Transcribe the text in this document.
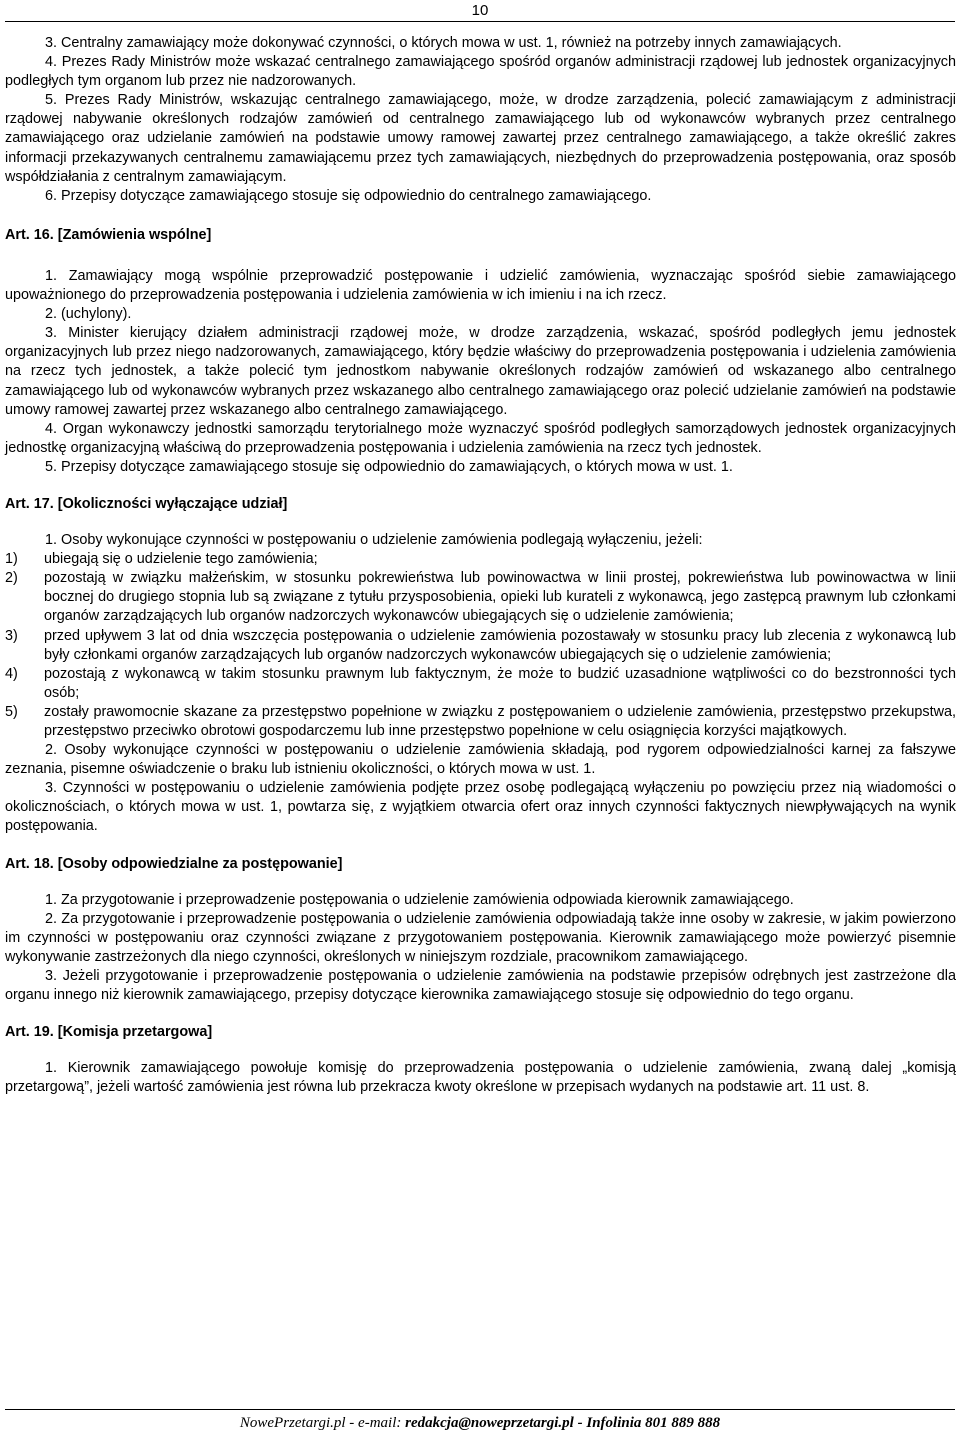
10

3. Centralny zamawiający może dokonywać czynności, o których mowa w ust. 1, również na potrzeby innych zamawiających.

4. Prezes Rady Ministrów może wskazać centralnego zamawiającego spośród organów administracji rządowej lub jednostek organizacyjnych podległych tym organom lub przez nie nadzorowanych.

5. Prezes Rady Ministrów, wskazując centralnego zamawiającego, może, w drodze zarządzenia, polecić zamawiającym z administracji rządowej nabywanie określonych rodzajów zamówień od centralnego zamawiającego lub od wykonawców wybranych przez centralnego zamawiającego oraz udzielanie zamówień na podstawie umowy ramowej zawartej przez centralnego zamawiającego, a także określić zakres informacji przekazywanych centralnemu zamawiającemu przez tych zamawiających, niezbędnych do przeprowadzenia postępowania, oraz sposób współdziałania z centralnym zamawiającym.

6. Przepisy dotyczące zamawiającego stosuje się odpowiednio do centralnego zamawiającego.

Art. 16. [Zamówienia wspólne]

1. Zamawiający mogą wspólnie przeprowadzić postępowanie i udzielić zamówienia, wyznaczając spośród siebie zamawiającego upoważnionego do przeprowadzenia postępowania i udzielenia zamówienia w ich imieniu i na ich rzecz.

2. (uchylony).

3. Minister kierujący działem administracji rządowej może, w drodze zarządzenia, wskazać, spośród podległych jemu jednostek organizacyjnych lub przez niego nadzorowanych, zamawiającego, który będzie właściwy do przeprowadzenia postępowania i udzielenia zamówienia na rzecz tych jednostek, a także polecić tym jednostkom nabywanie określonych rodzajów zamówień od wskazanego albo centralnego zamawiającego lub od wykonawców wybranych przez wskazanego albo centralnego zamawiającego oraz polecić udzielanie zamówień na podstawie umowy ramowej zawartej przez wskazanego albo centralnego zamawiającego.

4. Organ wykonawczy jednostki samorządu terytorialnego może wyznaczyć spośród podległych samorządowych jednostek organizacyjnych jednostkę organizacyjną właściwą do przeprowadzenia postępowania i udzielenia zamówienia na rzecz tych jednostek.

5. Przepisy dotyczące zamawiającego stosuje się odpowiednio do zamawiających, o których mowa w ust. 1.

Art. 17. [Okoliczności wyłączające udział]

1. Osoby wykonujące czynności w postępowaniu o udzielenie zamówienia podlegają wyłączeniu, jeżeli:

1)	ubiegają się o udzielenie tego zamówienia;
2)	pozostają w związku małżeńskim, w stosunku pokrewieństwa lub powinowactwa w linii prostej, pokrewieństwa lub powinowactwa w linii bocznej do drugiego stopnia lub są związane z tytułu przysposobienia, opieki lub kurateli z wykonawcą, jego zastępcą prawnym lub członkami organów zarządzających lub organów nadzorczych wykonawców ubiegających się o udzielenie zamówienia;
3)	przed upływem 3 lat od dnia wszczęcia postępowania o udzielenie zamówienia pozostawały w stosunku pracy lub zlecenia z wykonawcą lub były członkami organów zarządzających lub organów nadzorczych wykonawców ubiegających się o udzielenie zamówienia;
4)	pozostają z wykonawcą w takim stosunku prawnym lub faktycznym, że może to budzić uzasadnione wątpliwości co do bezstronności tych osób;
5)	zostały prawomocnie skazane za przestępstwo popełnione w związku z postępowaniem o udzielenie zamówienia, przestępstwo przekupstwa, przestępstwo przeciwko obrotowi gospodarczemu lub inne przestępstwo popełnione w celu osiągnięcia korzyści majątkowych.

2. Osoby wykonujące czynności w postępowaniu o udzielenie zamówienia składają, pod rygorem odpowiedzialności karnej za fałszywe zeznania, pisemne oświadczenie o braku lub istnieniu okoliczności, o których mowa w ust. 1.

3. Czynności w postępowaniu o udzielenie zamówienia podjęte przez osobę podlegającą wyłączeniu po powzięciu przez nią wiadomości o okolicznościach, o których mowa w ust. 1, powtarza się, z wyjątkiem otwarcia ofert oraz innych czynności faktycznych niewpływających na wynik postępowania.

Art. 18. [Osoby odpowiedzialne za postępowanie]

1. Za przygotowanie i przeprowadzenie postępowania o udzielenie zamówienia odpowiada kierownik zamawiającego.

2. Za przygotowanie i przeprowadzenie postępowania o udzielenie zamówienia odpowiadają także inne osoby w zakresie, w jakim powierzono im czynności w postępowaniu oraz czynności związane z przygotowaniem postępowania. Kierownik zamawiającego może powierzyć pisemnie wykonywanie zastrzeżonych dla niego czynności, określonych w niniejszym rozdziale, pracownikom zamawiającego.

3. Jeżeli przygotowanie i przeprowadzenie postępowania o udzielenie zamówienia na podstawie przepisów odrębnych jest zastrzeżone dla organu innego niż kierownik zamawiającego, przepisy dotyczące kierownika zamawiającego stosuje się odpowiednio do tego organu.

Art. 19. [Komisja przetargowa]

1. Kierownik zamawiającego powołuje komisję do przeprowadzenia postępowania o udzielenie zamówienia, zwaną dalej „komisją przetargową”, jeżeli wartość zamówienia jest równa lub przekracza kwoty określone w przepisach wydanych na podstawie art. 11 ust. 8.

NowePrzetargi.pl - e-mail: redakcja@noweprzetargi.pl - Infolinia 801 889 888
